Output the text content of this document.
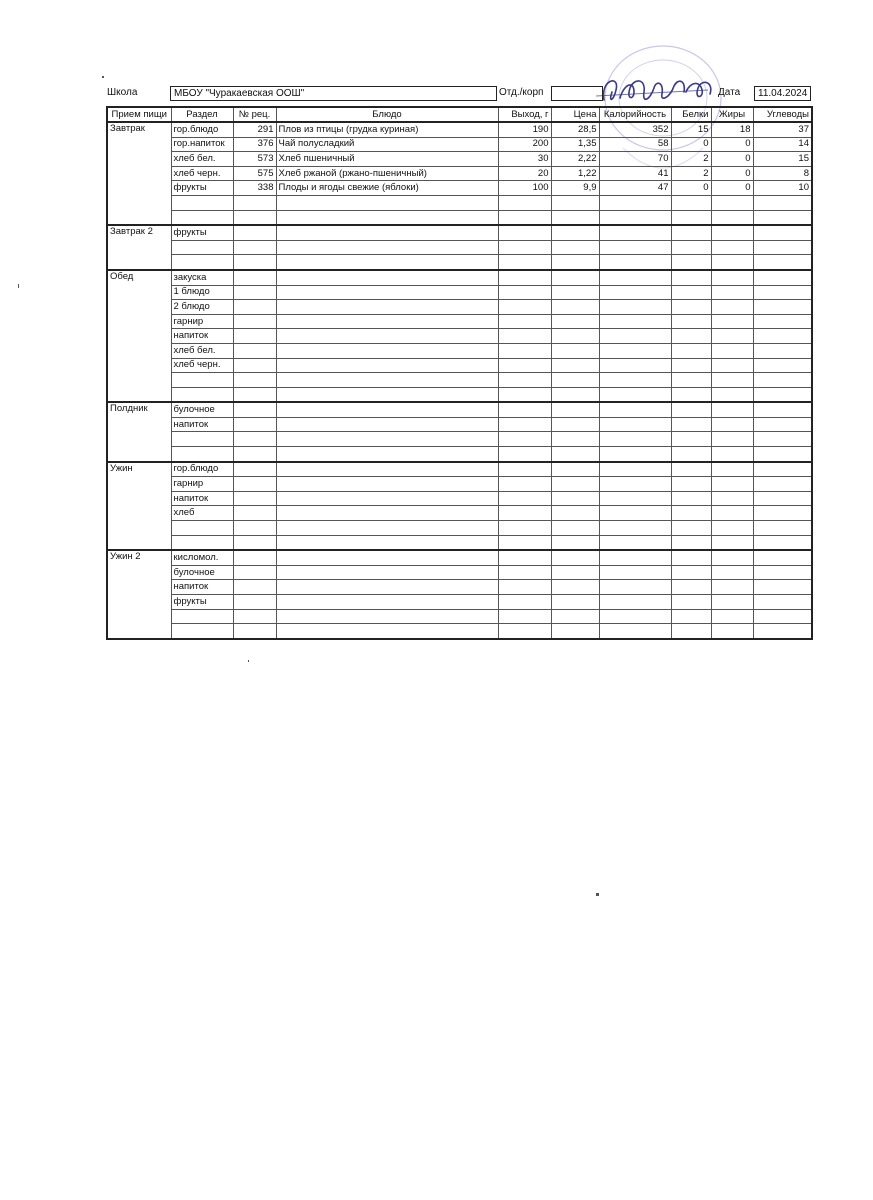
Школа	МБОУ "Чуракаевская ООШ"	Отд./корп	Дата	11.04.2024
Прием пищи	Раздел	№ рец.	Блюдо	Выход, г	Цена	Калорийность	Белки	Жиры	Углеводы
Завтрак	гор.блюдо	291	Плов из птицы (грудка куриная)	190	28,5	352	15	18	37
	гор.напиток	376	Чай полусладкий	200	1,35	58	0	0	14
	хлеб бел.	573	Хлеб пшеничный	30	2,22	70	2	0	15
	хлеб черн.	575	Хлеб ржаной (ржано-пшеничный)	20	1,22	41	2	0	8
	фрукты	338	Плоды и ягоды свежие (яблоки)	100	9,9	47	0	0	10

Завтрак 2	фрукты								

Обед	закуска								
	1 блюдо								
	2 блюдо								
	гарнир								
	напиток								
	хлеб бел.								
	хлеб черн.								

Полдник	булочное								
	напиток								

Ужин	гор.блюдо								
	гарнир								
	напиток								
	хлеб								

Ужин 2	кисломол.								
	булочное								
	напиток								
	фрукты								
